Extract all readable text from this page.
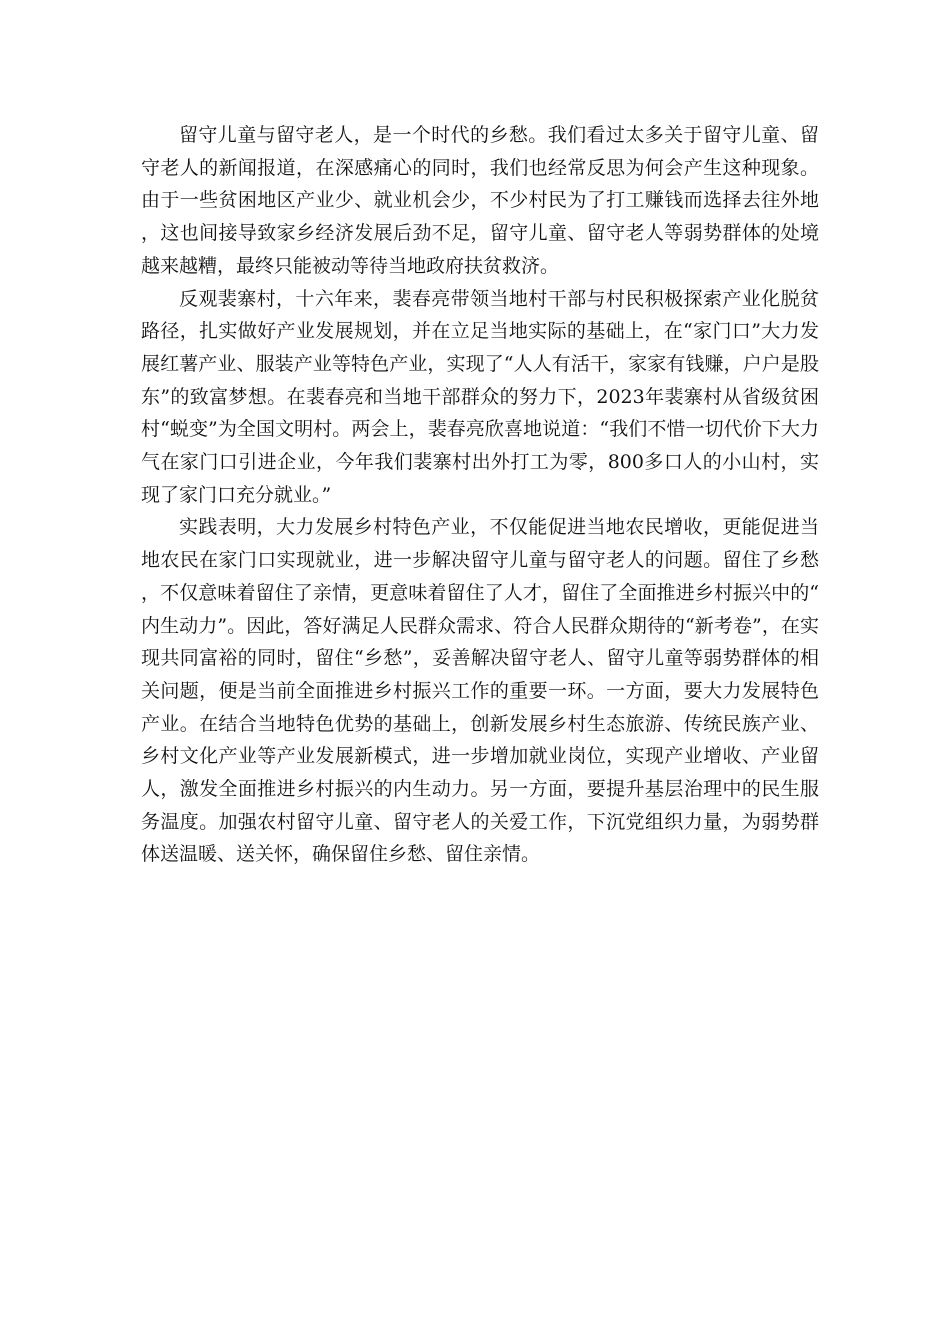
留守儿童与留守老人，是一个时代的乡愁。我们看过太多关于留守儿童、留守老人的新闻报道，在深感痛心的同时，我们也经常反思为何会产生这种现象。由于一些贫困地区产业少、就业机会少，不少村民为了打工赚钱而选择去往外地，这也间接导致家乡经济发展后劲不足，留守儿童、留守老人等弱势群体的处境越来越糟，最终只能被动等待当地政府扶贫救济。

反观裴寨村，十六年来，裴春亮带领当地村干部与村民积极探索产业化脱贫路径，扎实做好产业发展规划，并在立足当地实际的基础上，在“家门口”大力发展红薯产业、服装产业等特色产业，实现了“人人有活干，家家有钱赚，户户是股东”的致富梦想。在裴春亮和当地干部群众的努力下，2023年裴寨村从省级贫困村“蜕变”为全国文明村。两会上，裴春亮欣喜地说道：“我们不惜一切代价下大力气在家门口引进企业，今年我们裴寨村出外打工为零，800多口人的小山村，实现了家门口充分就业。”

实践表明，大力发展乡村特色产业，不仅能促进当地农民增收，更能促进当地农民在家门口实现就业，进一步解决留守儿童与留守老人的问题。留住了乡愁，不仅意味着留住了亲情，更意味着留住了人才，留住了全面推进乡村振兴中的“内生动力”。因此，答好满足人民群众需求、符合人民群众期待的“新考卷”，在实现共同富裕的同时，留住“乡愁”，妥善解决留守老人、留守儿童等弱势群体的相关问题，便是当前全面推进乡村振兴工作的重要一环。一方面，要大力发展特色产业。在结合当地特色优势的基础上，创新发展乡村生态旅游、传统民族产业、乡村文化产业等产业发展新模式，进一步增加就业岗位，实现产业增收、产业留人，激发全面推进乡村振兴的内生动力。另一方面，要提升基层治理中的民生服务温度。加强农村留守儿童、留守老人的关爱工作，下沉党组织力量，为弱势群体送温暖、送关怀，确保留住乡愁、留住亲情。
